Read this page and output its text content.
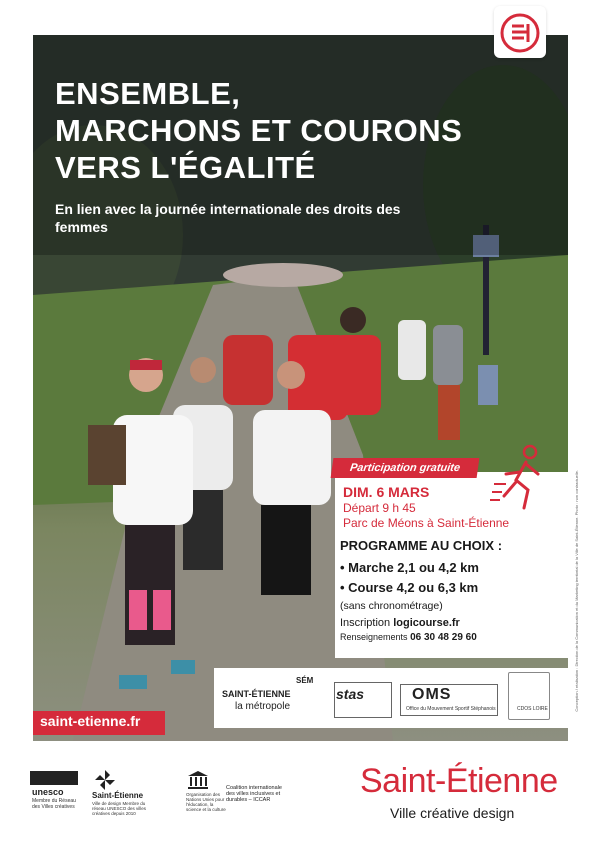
ENSEMBLE,
MARCHONS ET COURONS
VERS L'ÉGALITÉ
En lien avec la journée internationale des droits des femmes
Participation gratuite
DIM. 6 MARS
Départ 9 h 45
Parc de Méons à Saint-Étienne
PROGRAMME AU CHOIX :
• Marche 2,1 ou 4,2 km
• Course 4,2 ou 6,3 km
(sans chronométrage)
Inscription logicourse.fr
Renseignements 06 30 48 29 60
SÉM
SAINT-ÉTIENNE
la métropole
stas	OMS
Office du Mouvement Sportif Stéphanois	CDOS LOIRE
saint-etienne.fr
Conception / réalisation : Direction de la Communication et du Marketing territorial de la Ville de Saint-Étienne. Photo : non contractuelle.
unesco
Membre du Réseau des Villes créatives
Saint-Étienne
Ville de design Membre du réseau UNESCO des villes créatives depuis 2010
Organisation des Nations Unies pour l'éducation, la science et la culture
Coalition internationale des villes inclusives et durables – ICCAR	Saint-Étienne
Ville créative design
